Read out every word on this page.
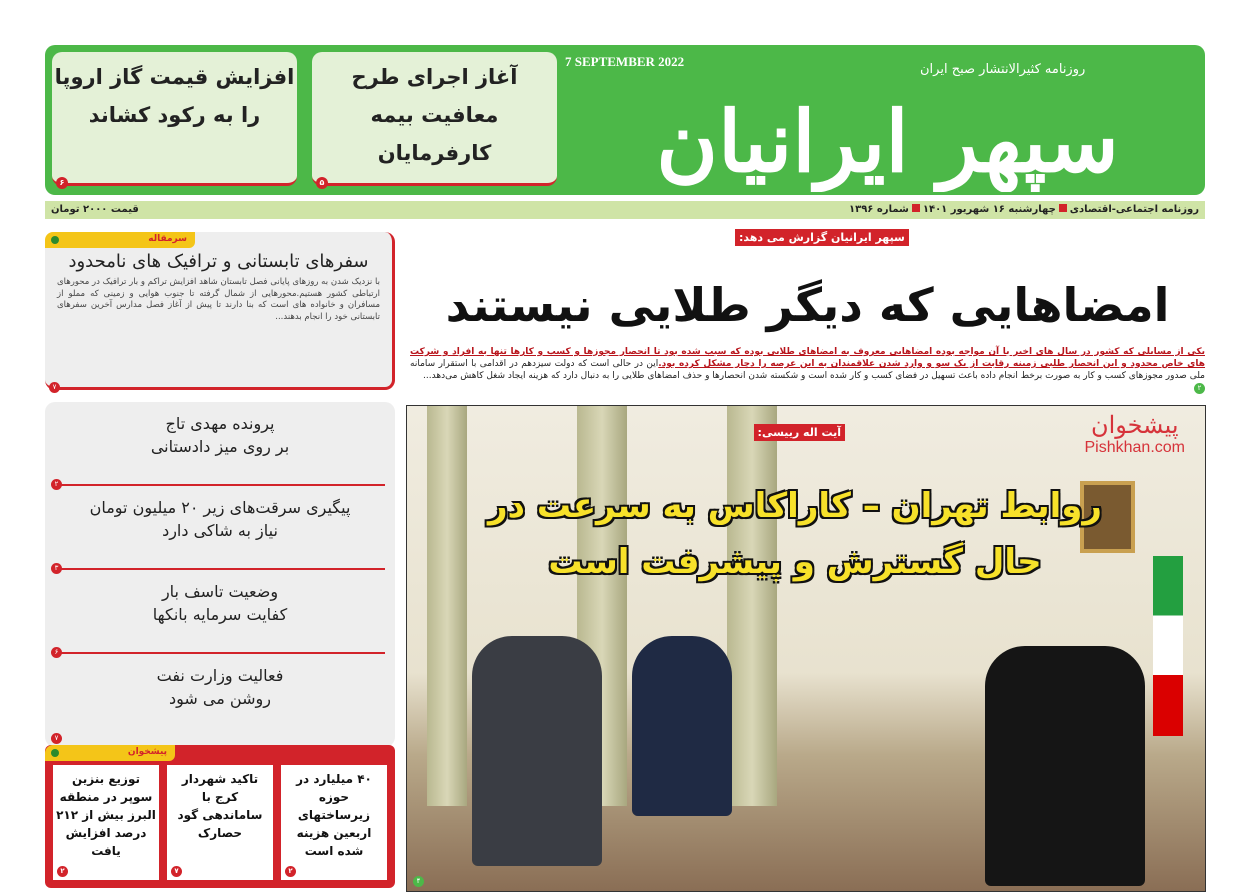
سپهر ایرانیان
7 SEPTEMBER 2022
روزنامه کثیرالانتشار صبح ایران
آغاز اجرای طرح معافیت بیمه کارفرمایان
۵
افزایش قیمت گاز اروپا را به رکود کشاند
۶
روزنامه اجتماعی-اقتصادیچهارشنبه ۱۶ شهریور ۱۴۰۱شماره ۱۳۹۶
قیمت ۲۰۰۰ تومان
سپهر ایرانیان گزارش می دهد:
امضاهایی که دیگر طلایی نیستند
یکی از مسایلی که کشور در سال های اخیر با آن مواجه بوده امضاهایی معروف به امضاهای طلایی بوده که سبب شده بود تا انحصار مجوزها و کسب و کارها تنها به افراد و شرکت های خاص محدود و این انحصار طلبی زمینه رقابت از یک سو و وارد شدن علاقمندان به این عرصه را دچار مشکل کرده بود.این در حالی است که دولت سیزدهم در اقدامی با استقرار سامانه ملی صدور مجوزهای کسب و کار به صورت برخط انجام داده باعث تسهیل در فضای کسب و کار شده است و شکسته شدن انحصارها و حذف امضاهای طلایی را به دنبال دارد که هزینه ایجاد شغل کاهش می‌دهد...
۲
آیت اله رییسی:
روابط تهران – کاراکاس به سرعت در حال گسترش و پیشرفت است
پیشخوان
Pishkhan.com
۴
سرمقاله
سفرهای تابستانی و ترافیک های نامحدود

با نزدیک شدن به روزهای پایانی فصل تابستان شاهد افزایش تراکم و بار ترافیک در محورهای ارتباطی کشور هستیم.محورهایی از شمال گرفته تا جنوب هوایی و زمینی که مملو از مسافران و خانواده های است که بنا دارند تا پیش از آغاز فصل مدارس آخرین سفرهای تابستانی خود را انجام بدهند...

۷
پرونده مهدی تاج
بر روی میز دادستانی
۲
پیگیری سرقت‌های زیر ۲۰ میلیون تومان
نیاز به شاکی دارد
۳
وضعیت تاسف بار
کفایت سرمایه بانکها
۶
فعالیت وزارت نفت
روشن می شود
۷
پیشخوان
۴۰ میلیارد در حوزه زیرساختهای اربعین هزینه شده است
۲
تاکید شهردار کرج با ساماندهی گود حصارک
۷
توزیع بنزین سوپر در منطقه البرز بیش از ۲۱۲ درصد افزایش یافت
۲
